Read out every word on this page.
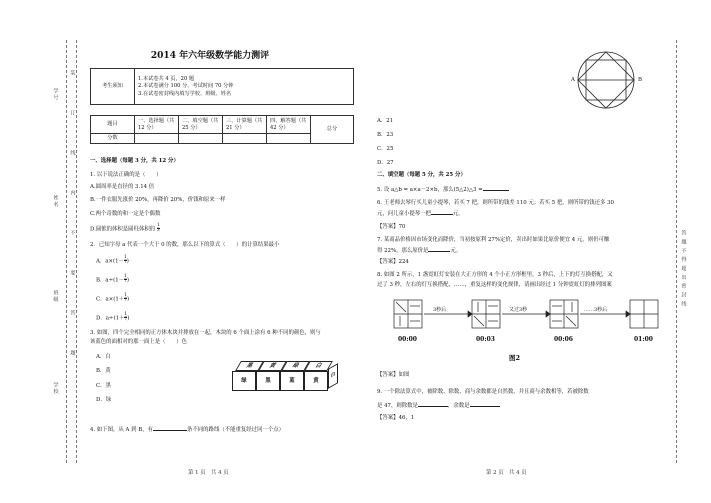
学号
姓名
班级
学校
装
订
线
内
不
要
答
题
答 题 不 得 超 出 密 封 线
2014 年六年级数学能力测评
考生须知	
1.本试卷共 4 页，20 题
2.本试卷满分 100 分，考试时间 70 分钟
3.在试卷密封线内填写学校、班级、姓名
题目	一、选择题（共 12 分）	二、填空题（共 25 分）	三、计算题（共 21 分）	四、解答题（共 42 分）	总分
分数					
一、选择题（每题 3 分，共 12 分）
1. 以下说法正确的是（　　）
A.圆周率是直径的 3.14 倍
B.一件衣服先涨价 20%，再降价 20%，价钱和原来一样
C.两个奇数的和一定是个偶数
D.圆锥的体积是圆柱体积的 $\frac{1}{3}$
2．已知字母 a 代表一个大于 0 的数，那么以下的算式（　　）的计算结果最小
A．$a\times(1- \frac{1}{7}$ )
B．$a\div(1- \frac{1}{7}$ )
C．$a\times(1+ \frac{1}{7}$ )
D．$a\div(1+ \frac{1}{7}$ )
3. 如图，四个完全相同的正方体木块并排放在一起，木块的 6 个面上涂有 6 种不同的颜色，则与
该蓝色的面相对的那一面上是（　　）色
A．白
B．黄
C．黑
D．绿
黑	黄	绿	白
绿	黑	蓝	黄
白
4. 如下图，从 A 到 B，有	条不同的路线（不能重复经过同一个点）
第 1 页　共 4 页
A	B
A．21
B．23
C．25
D．27
二、填空题（每题 5 分，共 25 分）
5. 设 a△b = a×a－2×b，那么(5△2)△3 =
6. 王老师去琴行买儿童小提琴，若买 7 把，则所带的钱差 110 元；若买 5 把，则所带的钱还多 30
元，问儿童小提琴一把	元。
【答案】70
7. 某商品价格因市场变化而降价，当初按原利 27%定价，卖出时如果比原价便宜 4 元，则仍可赚
得 22%，那么原价是	元。
【答案】224
8. 如图 2 所示，1 盏霓虹灯安装在大正方形的 4 个小正方形框里，3 秒后，上下的灯互换搭配，又
过了 3 秒，左右的灯互换搭配，……，重复这样的变化规律，请画出经过 1 分钟霓虹灯的排列图案
3秒后	又过3秒	……3秒后
00:00	00:03	00:06	01:00
图2
【答案】如图
9. 一个除法算式中，被除数、除数、商与余数都是自然数，并且商与余数相等，若被除数
是 47，则除数是	，余数是
【答案】46，1
第 2 页　共 4 页
